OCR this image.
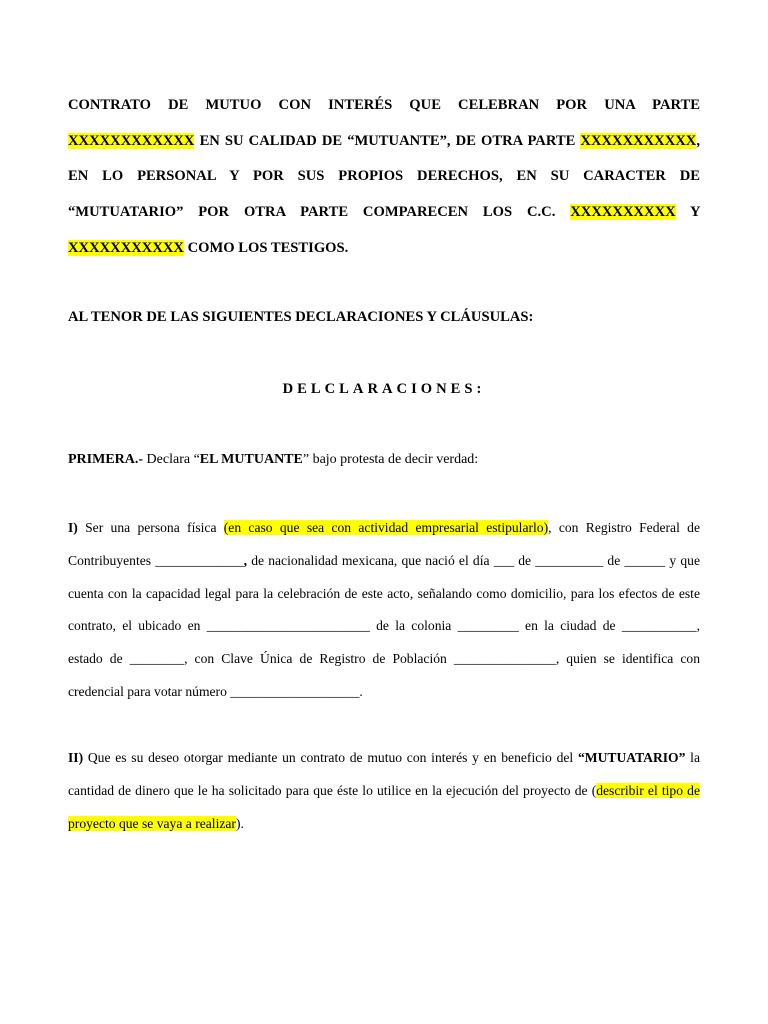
CONTRATO DE MUTUO CON INTERÉS QUE CELEBRAN POR UNA PARTE XXXXXXXXXXXX EN SU CALIDAD DE “MUTUANTE”, DE OTRA PARTE XXXXXXXXXXX, EN LO PERSONAL Y POR SUS PROPIOS DERECHOS, EN SU CARACTER DE “MUTUATARIO” POR OTRA PARTE COMPARECEN LOS C.C. XXXXXXXXXX Y XXXXXXXXXXX COMO LOS TESTIGOS.
AL TENOR DE LAS SIGUIENTES DECLARACIONES Y CLÁUSULAS:
DELCLARACIONES:
PRIMERA.- Declara “EL MUTUANTE” bajo protesta de decir verdad:
I) Ser una persona física (en caso que sea con actividad empresarial estipularlo), con Registro Federal de Contribuyentes _____________, de nacionalidad mexicana, que nació el día ___ de __________ de ______ y que cuenta con la capacidad legal para la celebración de este acto, señalando como domicilio, para los efectos de este contrato, el ubicado en ________________________ de la colonia _________ en la ciudad de ___________, estado de ________, con Clave Única de Registro de Población _______________, quien se identifica con credencial para votar número ___________________.
II) Que es su deseo otorgar mediante un contrato de mutuo con interés y en beneficio del “MUTUATARIO” la cantidad de dinero que le ha solicitado para que éste lo utilice en la ejecución del proyecto de (describir el tipo de proyecto que se vaya a realizar).
